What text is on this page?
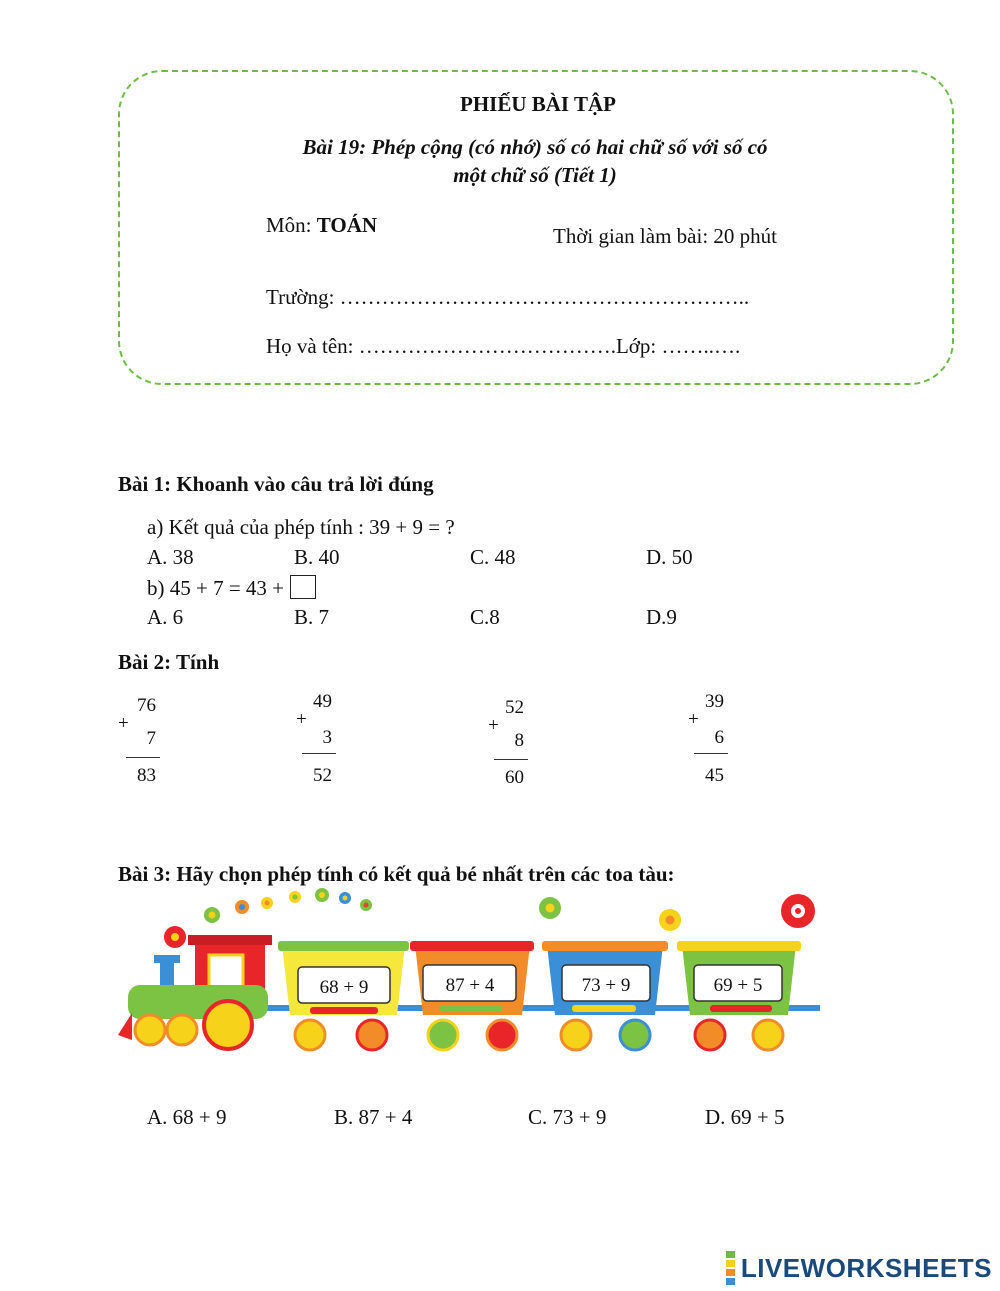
PHIẾU BÀI TẬP
Bài 19: Phép cộng (có nhớ) số có hai chữ số với số có
một chữ số (Tiết 1)
Môn: TOÁN	Thời gian làm bài: 20 phút
Trường: …………………………………………………..
Họ và tên: ……………………………….Lớp: ……..….
Bài 1: Khoanh vào câu trả lời đúng
a) Kết quả của phép tính : 39 + 9 = ?
A. 38	B. 40	C. 48	D. 50
b) 45 + 7 = 43 +
A. 6	B. 7	C.8	D.9
Bài 2: Tính
76
+
7
83
49
+
3
52
52
+
8
60
39
+
6
45
Bài 3: Hãy chọn phép tính có kết quả bé nhất trên các toa tàu:
68 + 9	87 + 4	73 + 9	69 + 5
A. 68 + 9	B. 87 + 4	C. 73 + 9	D. 69 + 5
LIVEWORKSHEETS
